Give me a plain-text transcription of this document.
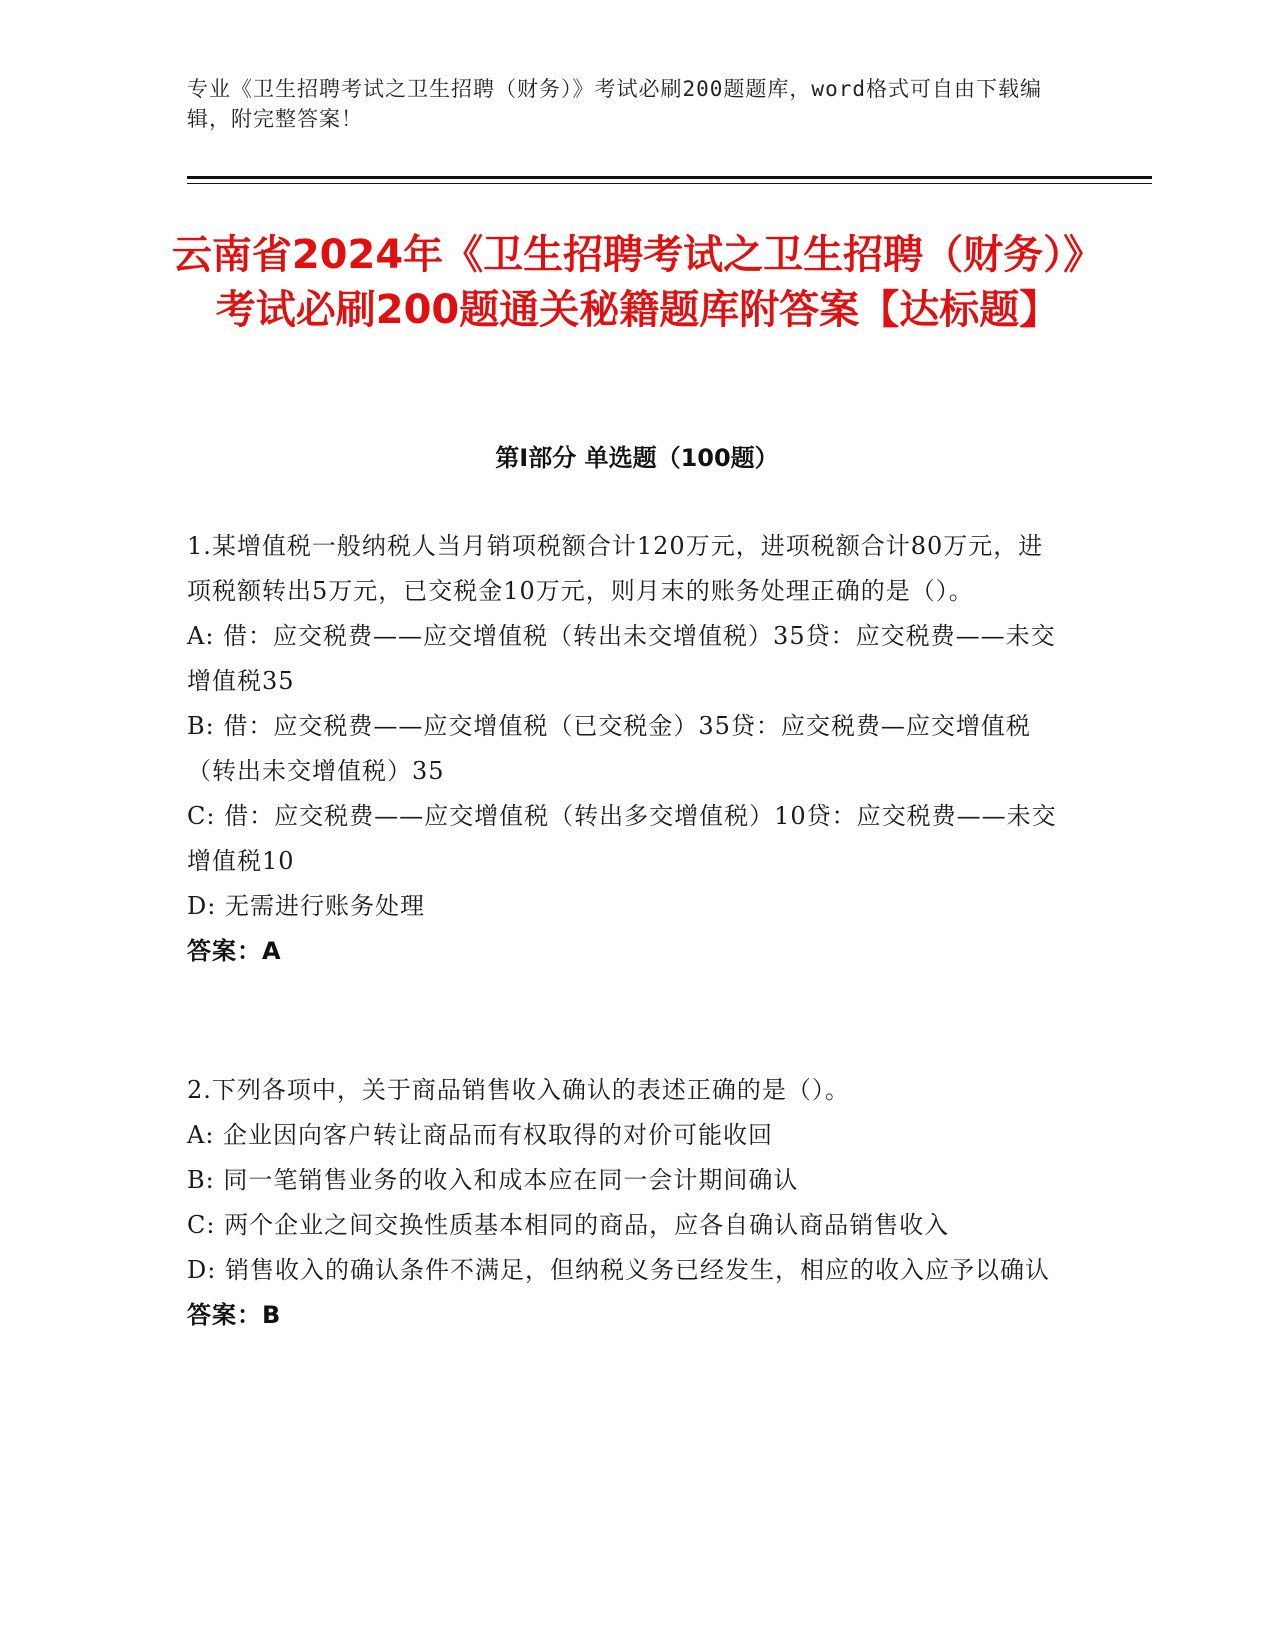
专业《卫生招聘考试之卫生招聘（财务）》考试必刷200题题库，word格式可自由下载编辑，附完整答案！
云南省2024年《卫生招聘考试之卫生招聘（财务）》考试必刷200题通关秘籍题库附答案【达标题】
第Ⅰ部分 单选题（100题）

1.某增值税一般纳税人当月销项税额合计120万元，进项税额合计80万元，进项税额转出5万元，已交税金10万元，则月末的账务处理正确的是（）。

A: 借：应交税费——应交增值税（转出未交增值税）35贷：应交税费——未交增值税35

B: 借：应交税费——应交增值税（已交税金）35贷：应交税费—应交增值税（转出未交增值税）35

C: 借：应交税费——应交增值税（转出多交增值税）10贷：应交税费——未交增值税10

D: 无需进行账务处理

答案：A

2.下列各项中，关于商品销售收入确认的表述正确的是（）。

A: 企业因向客户转让商品而有权取得的对价可能收回

B: 同一笔销售业务的收入和成本应在同一会计期间确认

C: 两个企业之间交换性质基本相同的商品，应各自确认商品销售收入

D: 销售收入的确认条件不满足，但纳税义务已经发生，相应的收入应予以确认

答案：B
